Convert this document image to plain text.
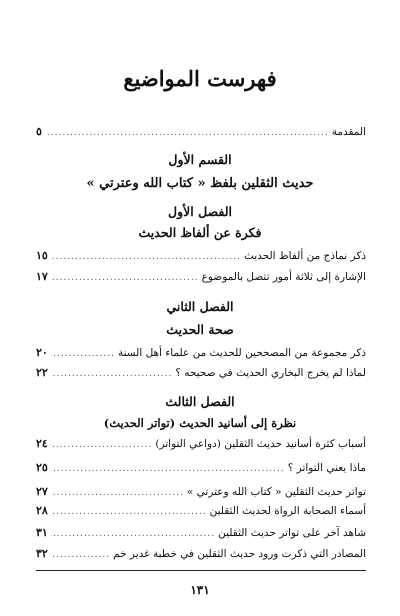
فهرست المواضيع
المقدمة
.....
٥
القسم الأول
حديث الثقلين بلفظ « كتاب الله وعترتي »
الفصل الأول
فكرة عن ألفاظ الحديث
ذكر نماذج من ألفاظ الحديث
.....
١٥
الإشارة إلى ثلاثة أمور تتصل بالموضوع
.....
١٧
الفصل الثاني
صحة الحديث
ذكر مجموعة من المصححين للحديث من علماء أهل السنة
.....
٢٠
لماذا لم يخرج البخاري الحديث في صحيحه ؟
.....
٢٢
الفصل الثالث
نظرة إلى أسانيد الحديث (تواتر الحديث)
أسباب كثرة أسانيد حديث الثقلين (دواعي التواتر)
.....
٢٤
ماذا يعني التواتر ؟
.....
٢٥
تواتر حديث الثقلين « كتاب الله وعترتي »
.....
٢٧
أسماء الصحابة الرواة لحديث الثقلين
.....
٢٨
شاهد آخر على تواتر حديث الثقلين
.....
٣١
المصادر التي ذكرت ورود حديث الثقلين في خطبة غدير خم
.....
٣٢
١٣١
